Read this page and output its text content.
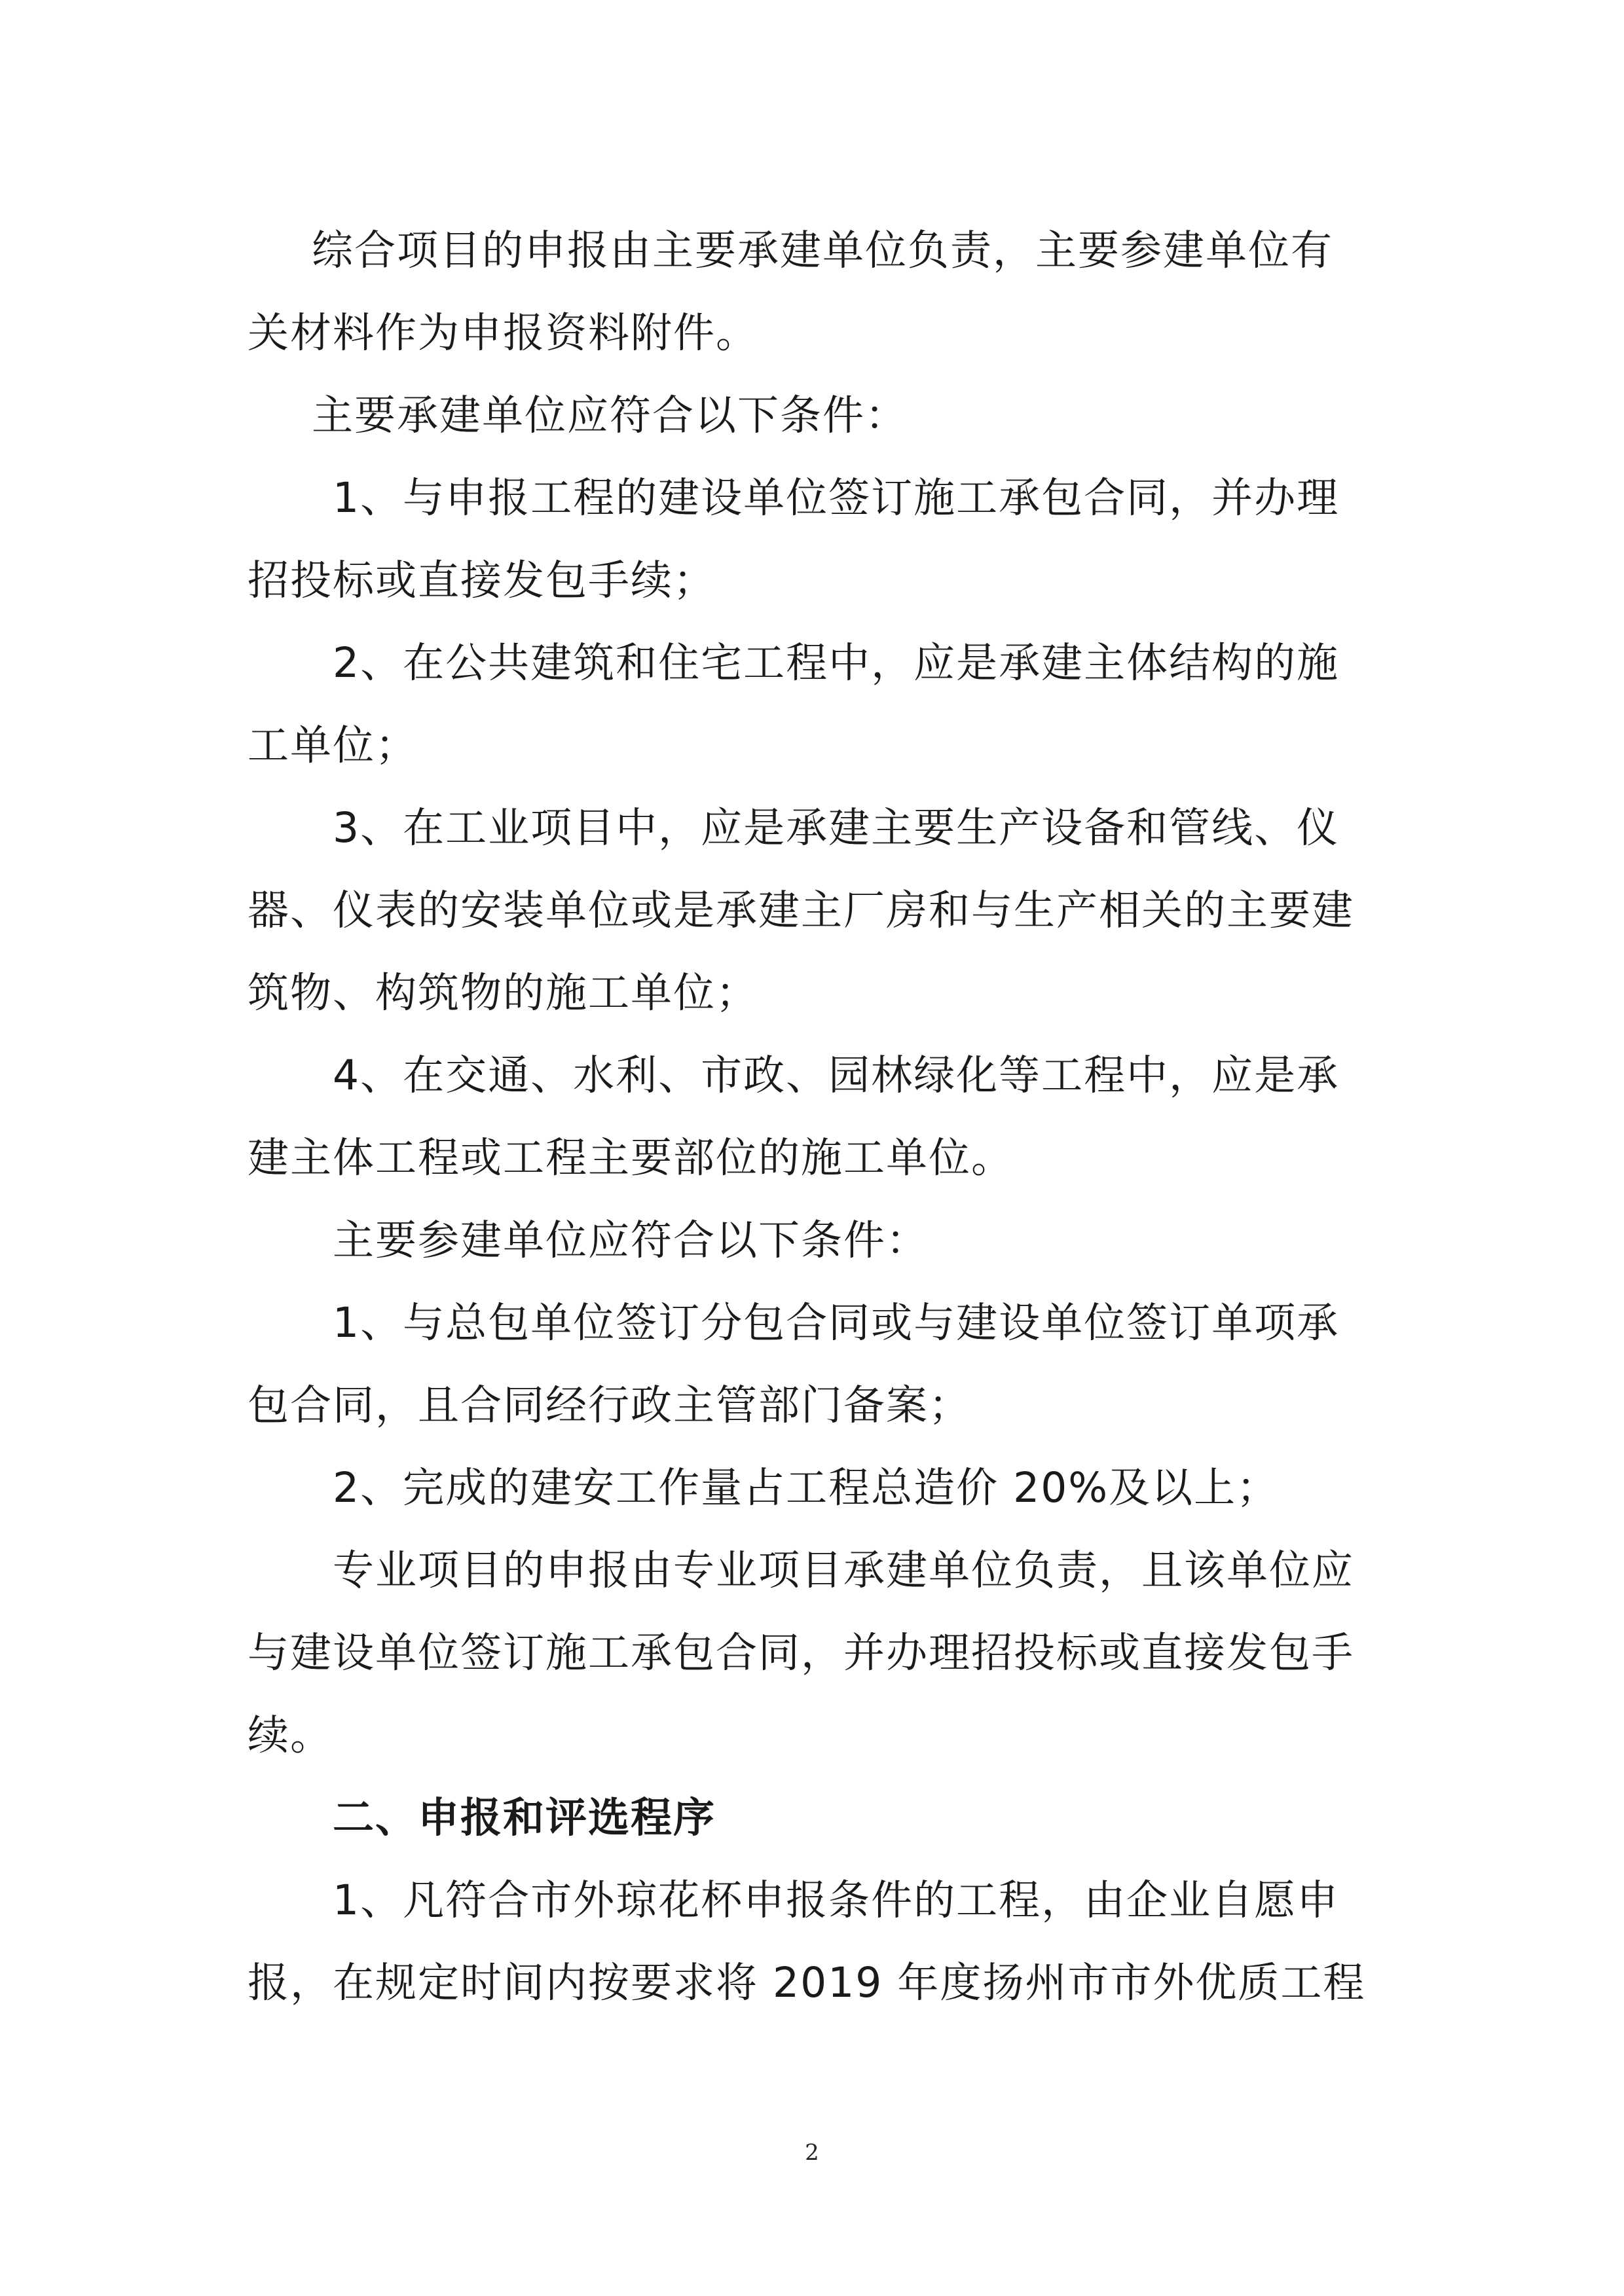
综合项目的申报由主要承建单位负责，主要参建单位有
关材料作为申报资料附件。
主要承建单位应符合以下条件：
1、与申报工程的建设单位签订施工承包合同，并办理
招投标或直接发包手续；
2、在公共建筑和住宅工程中，应是承建主体结构的施
工单位；
3、在工业项目中，应是承建主要生产设备和管线、仪
器、仪表的安装单位或是承建主厂房和与生产相关的主要建
筑物、构筑物的施工单位；
4、在交通、水利、市政、园林绿化等工程中，应是承
建主体工程或工程主要部位的施工单位。
主要参建单位应符合以下条件：
1、与总包单位签订分包合同或与建设单位签订单项承
包合同，且合同经行政主管部门备案；
2、完成的建安工作量占工程总造价 20%及以上；
专业项目的申报由专业项目承建单位负责，且该单位应
与建设单位签订施工承包合同，并办理招投标或直接发包手
续。
二、申报和评选程序
1、凡符合市外琼花杯申报条件的工程，由企业自愿申
报，在规定时间内按要求将 2019 年度扬州市市外优质工程
2
